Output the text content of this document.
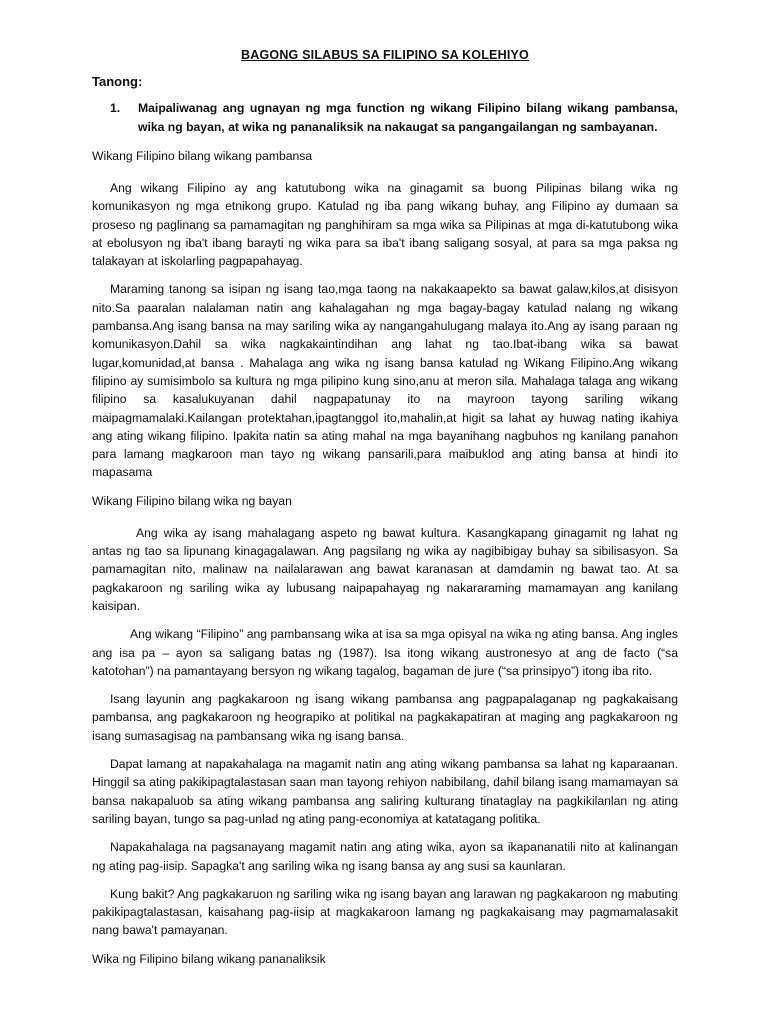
BAGONG SILABUS SA FILIPINO SA KOLEHIYO
Tanong:
1.	Maipaliwanag ang ugnayan ng mga function ng wikang Filipino bilang wikang pambansa, wika ng bayan, at wika ng pananaliksik na nakaugat sa pangangailangan ng sambayanan.
Wikang Filipino bilang wikang pambansa

Ang wikang Filipino ay ang katutubong wika na ginagamit sa buong Pilipinas bilang wika ng komunikasyon ng mga etnikong grupo. Katulad ng iba pang wikang buhay, ang Filipino ay dumaan sa proseso ng paglinang sa pamamagitan ng panghihiram sa mga wika sa Pilipinas at mga di-katutubong wika at ebolusyon ng iba't ibang barayti ng wika para sa iba't ibang saligang sosyal, at para sa mga paksa ng talakayan at iskolarling pagpapahayag.

Maraming tanong sa isipan ng isang tao,mga taong na nakakaapekto sa bawat galaw,kilos,at disisyon nito.Sa paaralan nalalaman natin ang kahalagahan ng mga bagay-bagay katulad nalang ng wikang pambansa.Ang isang bansa na may sariling wika ay nangangahulugang malaya ito.Ang ay isang paraan ng komunikasyon.Dahil sa wika nagkakaintindihan ang lahat ng tao.Ibat-ibang wika sa bawat lugar,komunidad,at bansa . Mahalaga ang wika ng isang bansa katulad ng Wikang Filipino.Ang wikang filipino ay sumisimbolo sa kultura ng mga pilipino kung sino,anu at meron sila. Mahalaga talaga ang wikang filipino sa kasalukuyanan dahil nagpapatunay ito na mayroon tayong sariling wikang maipagmamalaki.Kailangan protektahan,ipagtanggol ito,mahalin,at higit sa lahat ay huwag nating ikahiya ang ating wikang filipino. Ipakita natin sa ating mahal na mga bayanihang nagbuhos ng kanilang panahon para lamang magkaroon man tayo ng wikang pansarili,para maibuklod ang ating bansa at hindi ito mapasama

Wikang Filipino bilang wika ng bayan

Ang wika ay isang mahalagang aspeto ng bawat kultura. Kasangkapang ginagamit ng lahat ng antas ng tao sa lipunang kinagagalawan. Ang pagsilang ng wika ay nagibibigay buhay sa sibilisasyon. Sa pamamagitan nito, malinaw na nailalarawan ang bawat karanasan at damdamin ng bawat tao. At sa pagkakaroon ng sariling wika ay lubusang naipapahayag ng nakararaming mamamayan ang kanilang kaisipan.

Ang wikang “Filipino” ang pambansang wika at isa sa mga opisyal na wika ng ating bansa. Ang ingles ang isa pa – ayon sa saligang batas ng (1987). Isa itong wikang austronesyo at ang de facto (“sa katotohan”) na pamantayang bersyon ng wikang tagalog, bagaman de jure (“sa prinsipyo”) itong iba rito.

Isang layunin ang pagkakaroon ng isang wikang pambansa ang pagpapalaganap ng pagkakaisang pambansa, ang pagkakaroon ng heograpiko at politikal na pagkakapatiran at maging ang pagkakaroon ng isang sumasagisag na pambansang wika ng isang bansa.

Dapat lamang at napakahalaga na magamit natin ang ating wikang pambansa sa lahat ng kaparaanan. Hinggil sa ating pakikipagtalastasan saan man tayong rehiyon nabibilang, dahil bilang isang mamamayan sa bansa nakapaluob sa ating wikang pambansa ang saliring kulturang tinataglay na pagkikilanlan ng ating sariling bayan, tungo sa pag-unlad ng ating pang-economiya at katatagang politika.

Napakahalaga na pagsanayang magamit natin ang ating wika, ayon sa ikapananatili nito at kalinangan ng ating pag-iisip. Sapagka't ang sariling wika ng isang bansa ay ang susi sa kaunlaran.

Kung bakit? Ang pagkakaruon ng sariling wika ng isang bayan ang larawan ng pagkakaroon ng mabuting pakikipagtalastasan, kaisahang pag-iisip at magkakaroon lamang ng pagkakaisang may pagmamalasakit nang bawa't pamayanan.

Wika ng Filipino bilang wikang pananaliksik
